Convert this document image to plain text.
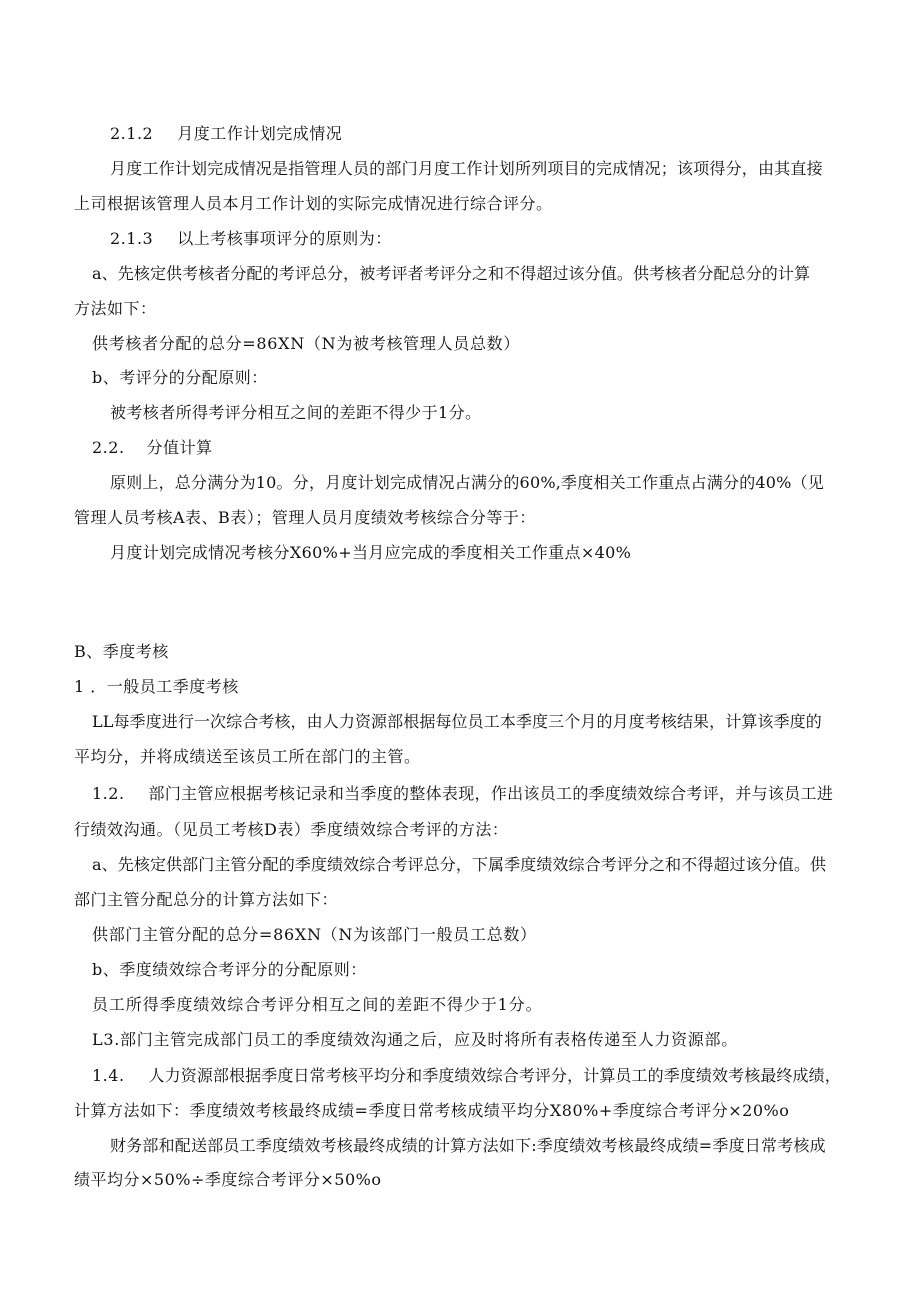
2.1.2 月度工作计划完成情况

月度工作计划完成情况是指管理人员的部门月度工作计划所列项目的完成情况；该项得分，由其直接

上司根据该管理人员本月工作计划的实际完成情况进行综合评分。

2.1.3 以上考核事项评分的原则为：

a、先核定供考核者分配的考评总分，被考评者考评分之和不得超过该分值。供考核者分配总分的计算

方法如下：

供考核者分配的总分=86XN（N为被考核管理人员总数）

b、考评分的分配原则：

被考核者所得考评分相互之间的差距不得少于1分。

2.2. 分值计算

原则上，总分满分为10。分，月度计划完成情况占满分的60%,季度相关工作重点占满分的40%（见

管理人员考核A表、B表）；管理人员月度绩效考核综合分等于：

月度计划完成情况考核分X60%+当月应完成的季度相关工作重点×40%

B、季度考核

1 ．一般员工季度考核

LL每季度进行一次综合考核，由人力资源部根据每位员工本季度三个月的月度考核结果，计算该季度的

平均分，并将成绩送至该员工所在部门的主管。

1.2. 部门主管应根据考核记录和当季度的整体表现，作出该员工的季度绩效综合考评，并与该员工进

行绩效沟通。（见员工考核D表）季度绩效综合考评的方法：

a、先核定供部门主管分配的季度绩效综合考评总分，下属季度绩效综合考评分之和不得超过该分值。供

部门主管分配总分的计算方法如下：

供部门主管分配的总分=86XN（N为该部门一般员工总数）

b、季度绩效综合考评分的分配原则：

员工所得季度绩效综合考评分相互之间的差距不得少于1分。

L3.部门主管完成部门员工的季度绩效沟通之后，应及时将所有表格传递至人力资源部。

1.4. 人力资源部根据季度日常考核平均分和季度绩效综合考评分，计算员工的季度绩效考核最终成绩，

计算方法如下：季度绩效考核最终成绩=季度日常考核成绩平均分X80%+季度综合考评分×20%o

财务部和配送部员工季度绩效考核最终成绩的计算方法如下:季度绩效考核最终成绩=季度日常考核成

绩平均分×50%÷季度综合考评分×50%o
